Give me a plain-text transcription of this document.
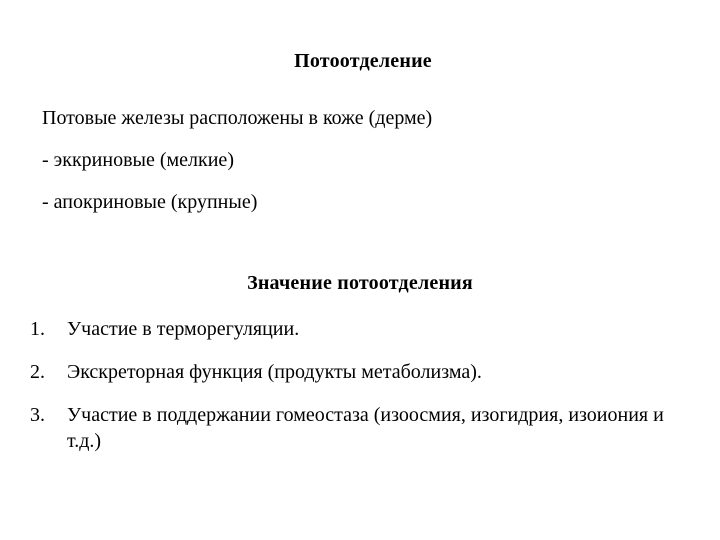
Потоотделение
Потовые железы расположены в коже (дерме)
- эккриновые (мелкие)
- апокриновые (крупные)
Значение потоотделения
1.	Участие в терморегуляции.
2.	Экскреторная функция (продукты метаболизма).
3.	Участие в поддержании гомеостаза (изоосмия, изогидрия, изоиония и т.д.)
